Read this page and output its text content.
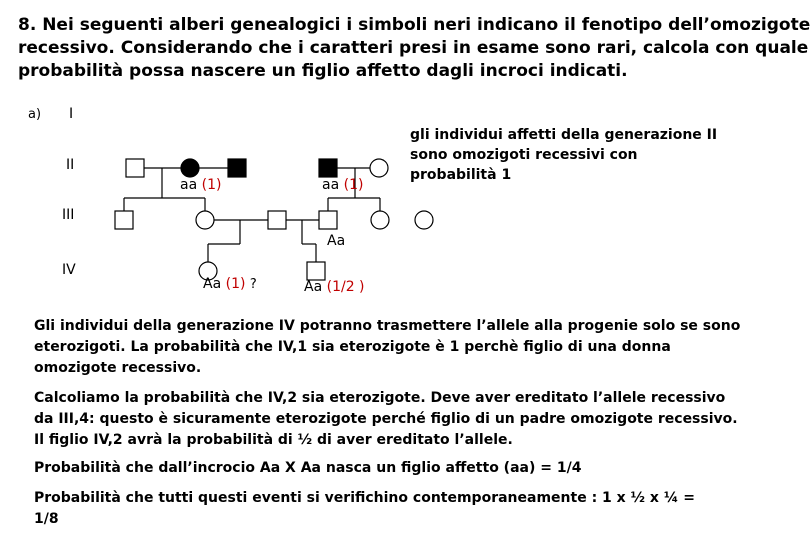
8. Nei seguenti alberi genealogici i simboli neri indicano il fenotipo dell’omozigote
recessivo. Considerando che i caratteri presi in esame sono rari, calcola con quale
probabilità possa nascere un figlio affetto dagli incroci indicati.
a) I
II
III
IV
aa (1)	aa (1)
Aa
Aa (1) ?	Aa (1/2 )
gli individui affetti della generazione II
sono omozigoti recessivi con
probabilità 1
Gli individui della generazione IV potranno trasmettere l’allele alla progenie solo se sono
eterozigoti. La probabilità che IV,1 sia eterozigote è 1 perchè figlio di una donna
omozigote recessivo.
Calcoliamo la probabilità che IV,2 sia eterozigote. Deve aver ereditato l’allele recessivo
da III,4: questo è sicuramente eterozigote perché figlio di un padre omozigote recessivo.
Il figlio IV,2 avrà la probabilità di ½ di aver ereditato l’allele.
Probabilità che dall’incrocio Aa X Aa nasca un figlio affetto (aa) = 1/4
Probabilità che tutti questi eventi si verifichino contemporaneamente : 1 x ½ x ¼ = 1/8
